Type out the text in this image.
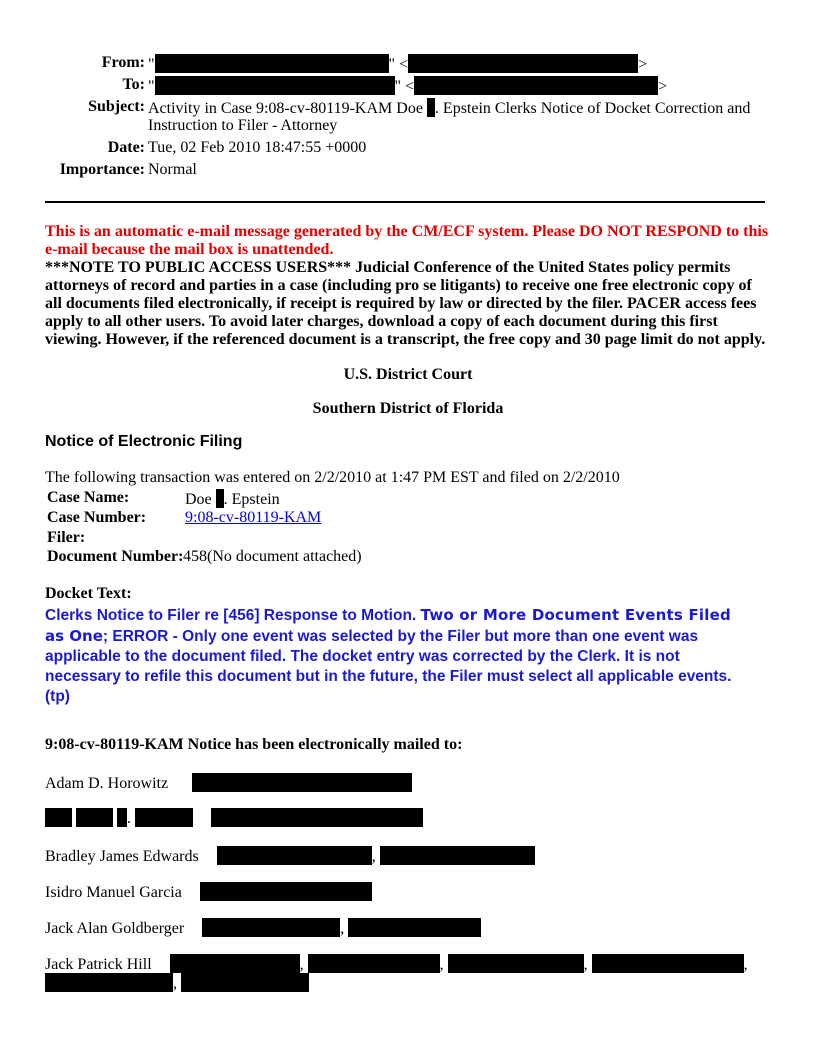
From: "	" <	>
To: "	" <	>
Subject: Activity in Case 9:08-cv-80119-KAM Doe . Epstein Clerks Notice of Docket Correction and
Instruction to Filer - Attorney
Date: Tue, 02 Feb 2010 18:47:55 +0000
Importance: Normal
This is an automatic e-mail message generated by the CM/ECF system. Please DO NOT RESPOND to this
e-mail because the mail box is unattended.
***NOTE TO PUBLIC ACCESS USERS*** Judicial Conference of the United States policy permits
attorneys of record and parties in a case (including pro se litigants) to receive one free electronic copy of
all documents filed electronically, if receipt is required by law or directed by the filer. PACER access fees
apply to all other users. To avoid later charges, download a copy of each document during this first
viewing. However, if the referenced document is a transcript, the free copy and 30 page limit do not apply.
U.S. District Court
Southern District of Florida
Notice of Electronic Filing
The following transaction was entered on 2/2/2010 at 1:47 PM EST and filed on 2/2/2010
Case Name:	Doe . Epstein
Case Number: 9:08-cv-80119-KAM
Filer:
Document Number: 458(No document attached)
Docket Text:
Clerks Notice to Filer re [456] Response to Motion. Two or More Document Events Filed
as One; ERROR - Only one event was selected by the Filer but more than one event was
applicable to the document filed. The docket entry was corrected by the Clerk. It is not
necessary to refile this document but in the future, the Filer must select all applicable events.
(tp)
9:08-cv-80119-KAM Notice has been electronically mailed to:
Adam D. Horowitz
.
Bradley James Edwards	,
Isidro Manuel Garcia
Jack Alan Goldberger	,
Jack Patrick Hill	,	,	,	,
,
